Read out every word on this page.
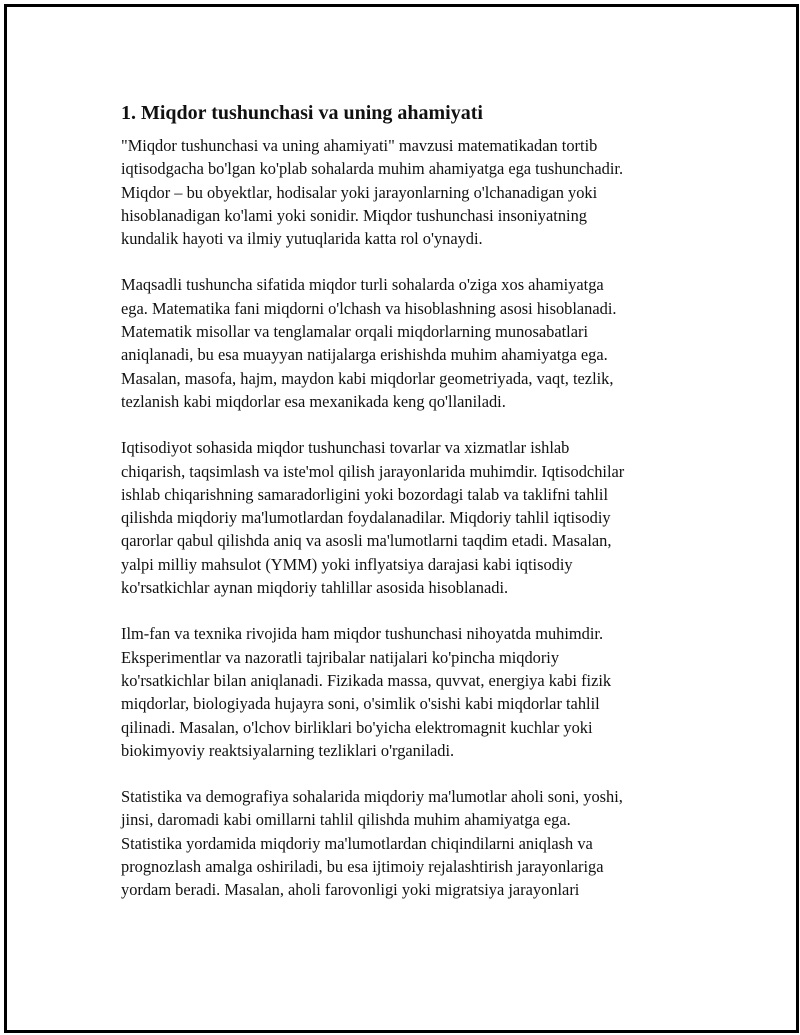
1. Miqdor tushunchasi va uning ahamiyati

"Miqdor tushunchasi va uning ahamiyati" mavzusi matematikadan tortib
iqtisodgacha bo'lgan ko'plab sohalarda muhim ahamiyatga ega tushunchadir.
Miqdor – bu obyektlar, hodisalar yoki jarayonlarning o'lchanadigan yoki
hisoblanadigan ko'lami yoki sonidir. Miqdor tushunchasi insoniyatning
kundalik hayoti va ilmiy yutuqlarida katta rol o'ynaydi.

Maqsadli tushuncha sifatida miqdor turli sohalarda o'ziga xos ahamiyatga
ega. Matematika fani miqdorni o'lchash va hisoblashning asosi hisoblanadi.
Matematik misollar va tenglamalar orqali miqdorlarning munosabatlari
aniqlanadi, bu esa muayyan natijalarga erishishda muhim ahamiyatga ega.
Masalan, masofa, hajm, maydon kabi miqdorlar geometriyada, vaqt, tezlik,
tezlanish kabi miqdorlar esa mexanikada keng qo'llaniladi.

Iqtisodiyot sohasida miqdor tushunchasi tovarlar va xizmatlar ishlab
chiqarish, taqsimlash va iste'mol qilish jarayonlarida muhimdir. Iqtisodchilar
ishlab chiqarishning samaradorligini yoki bozordagi talab va taklifni tahlil
qilishda miqdoriy ma'lumotlardan foydalanadilar. Miqdoriy tahlil iqtisodiy
qarorlar qabul qilishda aniq va asosli ma'lumotlarni taqdim etadi. Masalan,
yalpi milliy mahsulot (YMM) yoki inflyatsiya darajasi kabi iqtisodiy
ko'rsatkichlar aynan miqdoriy tahlillar asosida hisoblanadi.

Ilm-fan va texnika rivojida ham miqdor tushunchasi nihoyatda muhimdir.
Eksperimentlar va nazoratli tajribalar natijalari ko'pincha miqdoriy
ko'rsatkichlar bilan aniqlanadi. Fizikada massa, quvvat, energiya kabi fizik
miqdorlar, biologiyada hujayra soni, o'simlik o'sishi kabi miqdorlar tahlil
qilinadi. Masalan, o'lchov birliklari bo'yicha elektromagnit kuchlar yoki
biokimyoviy reaktsiyalarning tezliklari o'rganiladi.

Statistika va demografiya sohalarida miqdoriy ma'lumotlar aholi soni, yoshi,
jinsi, daromadi kabi omillarni tahlil qilishda muhim ahamiyatga ega.
Statistika yordamida miqdoriy ma'lumotlardan chiqindilarni aniqlash va
prognozlash amalga oshiriladi, bu esa ijtimoiy rejalashtirish jarayonlariga
yordam beradi. Masalan, aholi farovonligi yoki migratsiya jarayonlari
